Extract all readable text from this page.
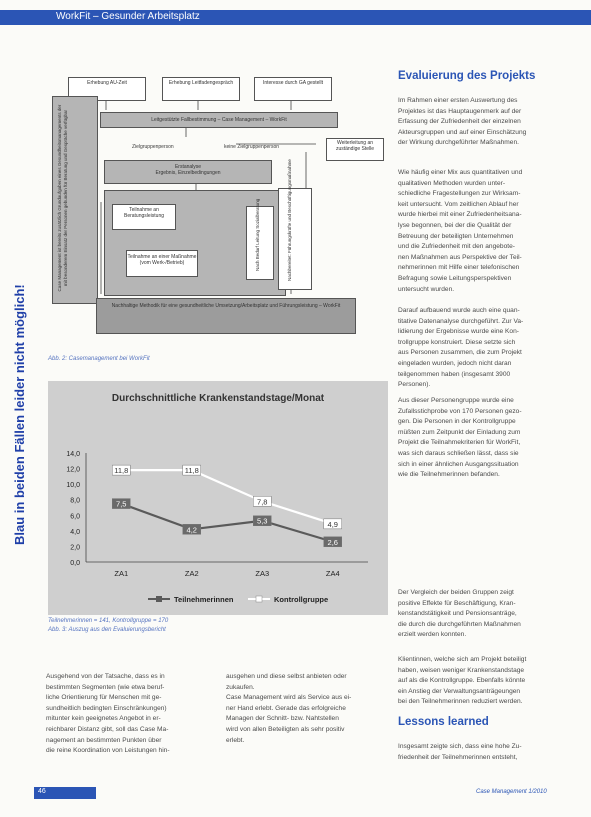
WorkFit – Gesunder Arbeitsplatz
Blau in beiden Fällen leider nicht möglich!
Erhebung AU-Zeit	Erhebung Leitfadengespräch	Interesse durch GA gestellt
Case Management ist bereits zusätzlich Grundaufgaben eines Gesundheitsmanagements der mit besonderem Einsatz der Personen gebunden für Beratung und Gespräche verfügbar	Leitgestützte Fallbestimmung – Case Management – WorkFit
Zielgruppenperson	keine Zielgruppenperson
Weiterleitung an zuständige Stelle
Erstanalyse
Ergebnis, Einzelbedingungen
Teilnahme an Beratungsleistung
Teilnahme an einer Maßnahme (vom Werk-/Betrieb)	Nach Bedarf Leitung Sozialberatung	Nachbereitet: Führungskräfte und Beschäftigungsmaßnahme
Nachhaltige Methodik für eine gesundheitliche Umsetzung/Arbeitsplatz und Führungsleistung – WorkFit
Abb. 2: Casemanagement bei WorkFit
Durchschnittliche Krankenstandstage/Monat
14,0
12,0
10,0
8,0
6,0
4,0
2,0
0,0
ZA1	ZA2	ZA3	ZA4
7,5
4,2
5,3
2,6
11,8	11,8
7,8
4,9
Teilnehmerinnen	Kontrollgruppe
Teilnehmerinnen = 141, Kontrollgruppe = 170
Abb. 3: Auszug aus den Evaluierungsbericht
Evaluierung des Projekts
Im Rahmen einer ersten Auswertung des
Projektes ist das Hauptaugenmerk auf der
Erfassung der Zufriedenheit der einzelnen
Akteursgruppen und auf einer Einschätzung
der Wirkung durchgeführter Maßnahmen.
Wie häufig einer Mix aus quantitativen und
qualitativen Methoden wurden unter-
schiedliche Fragestellungen zur Wirksam-
keit untersucht. Vom zeitlichen Ablauf her
wurde hierbei mit einer Zufriedenheitsana-
lyse begonnen, bei der die Qualität der
Betreuung der beteiligten Unternehmen
und die Zufriedenheit mit den angebote-
nen Maßnahmen aus Perspektive der Teil-
nehmerinnen mit Hilfe einer telefonischen
Befragung sowie Leitungsperspektiven
untersucht wurden.
Darauf aufbauend wurde auch eine quan-
titative Datenanalyse durchgeführt. Zur Va-
lidierung der Ergebnisse wurde eine Kon-
trollgruppe konstruiert. Diese setzte sich
aus Personen zusammen, die zum Projekt
eingeladen wurden, jedoch nicht daran
teilgenommen haben (insgesamt 3900
Personen).
Aus dieser Personengruppe wurde eine
Zufallsstichprobe von 170 Personen gezo-
gen. Die Personen in der Kontrollgruppe
müßten zum Zeitpunkt der Einladung zum
Projekt die Teilnahmekriterien für WorkFit,
was sich daraus schließen lässt, dass sie
sich in einer ähnlichen Ausgangssituation
wie die Teilnehmerinnen befanden.
Der Vergleich der beiden Gruppen zeigt
positive Effekte für Beschäftigung, Kran-
kenstandstätigkeit und Pensionsanträge,
die durch die durchgeführten Maßnahmen
erzielt werden konnten.
Klientinnen, welche sich am Projekt beteiligt
haben, weisen weniger Krankenstandstage
auf als die Kontrollgruppe. Ebenfalls könnte
ein Anstieg der Verwaltungsanträgeungen
bei den Teilnehmerinnen reduziert werden.
Lessons learned
Insgesamt zeigte sich, dass eine hohe Zu-
friedenheit der Teilnehmerinnen entsteht,
Ausgehend von der Tatsache, dass es in
bestimmten Segmenten (wie etwa beruf-
liche Orientierung für Menschen mit ge-
sundheitlich bedingten Einschränkungen)
mitunter kein geeignetes Angebot in er-
reichbarer Distanz gibt, soll das Case Ma-
nagement an bestimmten Punkten über
die reine Koordination von Leistungen hin-
ausgehen und diese selbst anbieten oder
zukaufen.
Case Management wird als Service aus ei-
ner Hand erlebt. Gerade das erfolgreiche
Managen der Schnitt- bzw. Nahtstellen
wird von allen Beteiligten als sehr positiv
erlebt.
46	Case Management 1/2010
